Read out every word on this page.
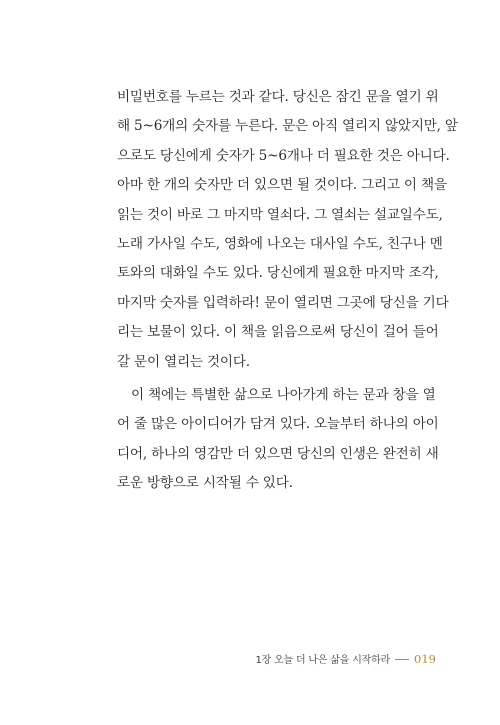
비밀번호를 누르는 것과 같다. 당신은 잠긴 문을 열기 위
해 5~6개의 숫자를 누른다. 문은 아직 열리지 않았지만, 앞
으로도 당신에게 숫자가 5~6개나 더 필요한 것은 아니다.
아마 한 개의 숫자만 더 있으면 될 것이다. 그리고 이 책을
읽는 것이 바로 그 마지막 열쇠다. 그 열쇠는 설교일수도,
노래 가사일 수도, 영화에 나오는 대사일 수도, 친구나 멘
토와의 대화일 수도 있다. 당신에게 필요한 마지막 조각,
마지막 숫자를 입력하라! 문이 열리면 그곳에 당신을 기다
리는 보물이 있다. 이 책을 읽음으로써 당신이 걸어 들어
갈 문이 열리는 것이다.
이 책에는 특별한 삶으로 나아가게 하는 문과 창을 열
어 줄 많은 아이디어가 담겨 있다. 오늘부터 하나의 아이
디어, 하나의 영감만 더 있으면 당신의 인생은 완전히 새
로운 방향으로 시작될 수 있다.
1장 오늘 더 나은 삶을 시작하라 019
